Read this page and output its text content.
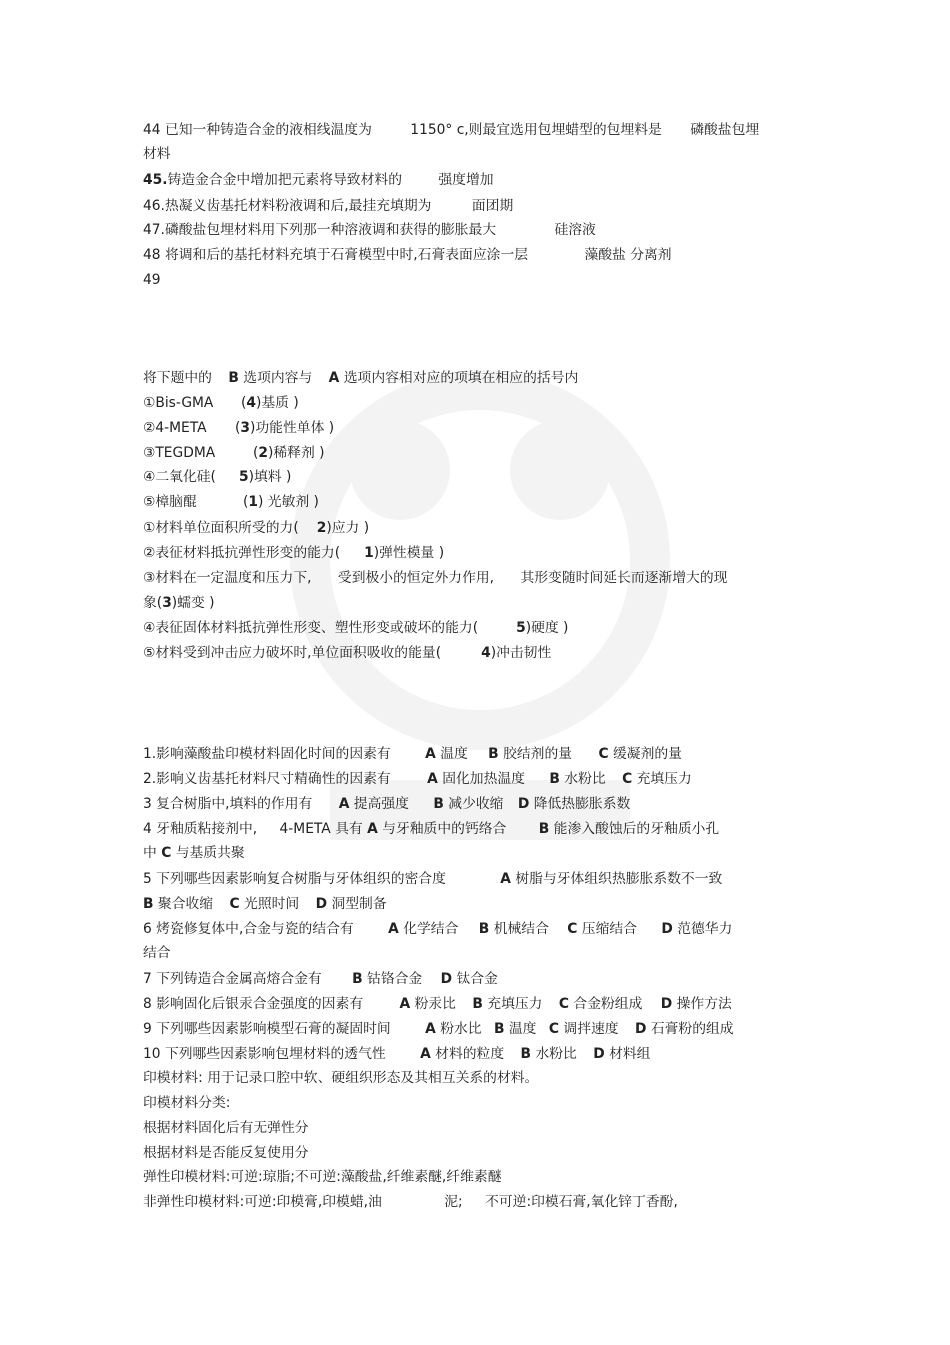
44 已知一种铸造合金的液相线温度为	1150° c,则最宜选用包埋蜡型的包埋料是 磷酸盐包埋
材料
45.铸造金合金中增加把元素将导致材料的	强度增加
46.热凝义齿基托材料粉液调和后,最挂充填期为	面团期
47.磷酸盐包埋材料用下列那一种溶液调和获得的膨胀最大	硅溶液
48 将调和后的基托材料充填于石膏模型中时,石膏表面应涂一层	藻酸盐 分离剂
49
将下题中的 B 选项内容与 A 选项内容相对应的项填在相应的括号内
①Bis-GMA (4)基质 )
②4-META (3)功能性单体 )
③TEGDMA	(2)稀释剂 )
④二氧化硅( 5)填料 )
⑤樟脑醌	(1) 光敏剂 )
①材料单位面积所受的力( 2)应力 )
②表征材料抵抗弹性形变的能力( 1)弹性模量 )
③材料在一定温度和压力下, 受到极小的恒定外力作用, 其形变随时间延长而逐渐增大的现
象(3)蠕变 )
④表征固体材料抵抗弹性形变、塑性形变或破坏的能力(	5)硬度 )
⑤材料受到冲击应力破坏时,单位面积吸收的能量(	4)冲击韧性
1.影响藻酸盐印模材料固化时间的因素有 A 温度 B 胶结剂的量 C 缓凝剂的量
2.影响义齿基托材料尺寸精确性的因素有	A 固化加热温度 B 水粉比 C 充填压力
3 复合树脂中,填料的作用有 A 提高强度 B 减少收缩 D 降低热膨胀系数
4 牙釉质粘接剂中, 4-META 具有 A 与牙釉质中的钙络合 B 能渗入酸蚀后的牙釉质小孔
中 C 与基质共聚
5 下列哪些因素影响复合树脂与牙体组织的密合度	A 树脂与牙体组织热膨胀系数不一致
B 聚合收缩 C 光照时间 D 洞型制备
6 烤瓷修复体中,合金与瓷的结合有 A 化学结合 B 机械结合 C 压缩结合 D 范德华力
结合
7 下列铸造合金属高熔合金有 B 钴铬合金 D 钛合金
8 影响固化后银汞合金强度的因素有	A 粉汞比 B 充填压力 C 合金粉组成 D 操作方法
9 下列哪些因素影响模型石膏的凝固时间 A 粉水比 B 温度 C 调拌速度 D 石膏粉的组成
10 下列哪些因素影响包埋材料的透气性 A 材料的粒度 B 水粉比 D 材料组
印模材料: 用于记录口腔中软、硬组织形态及其相互关系的材料。
印模材料分类:
根据材料固化后有无弹性分
根据材料是否能反复使用分
弹性印模材料:可逆:琼脂;不可逆:藻酸盐,纤维素醚,纤维素醚
非弹性印模材料:可逆:印模膏,印模蜡,油	泥; 不可逆:印模石膏,氧化锌丁香酚,
